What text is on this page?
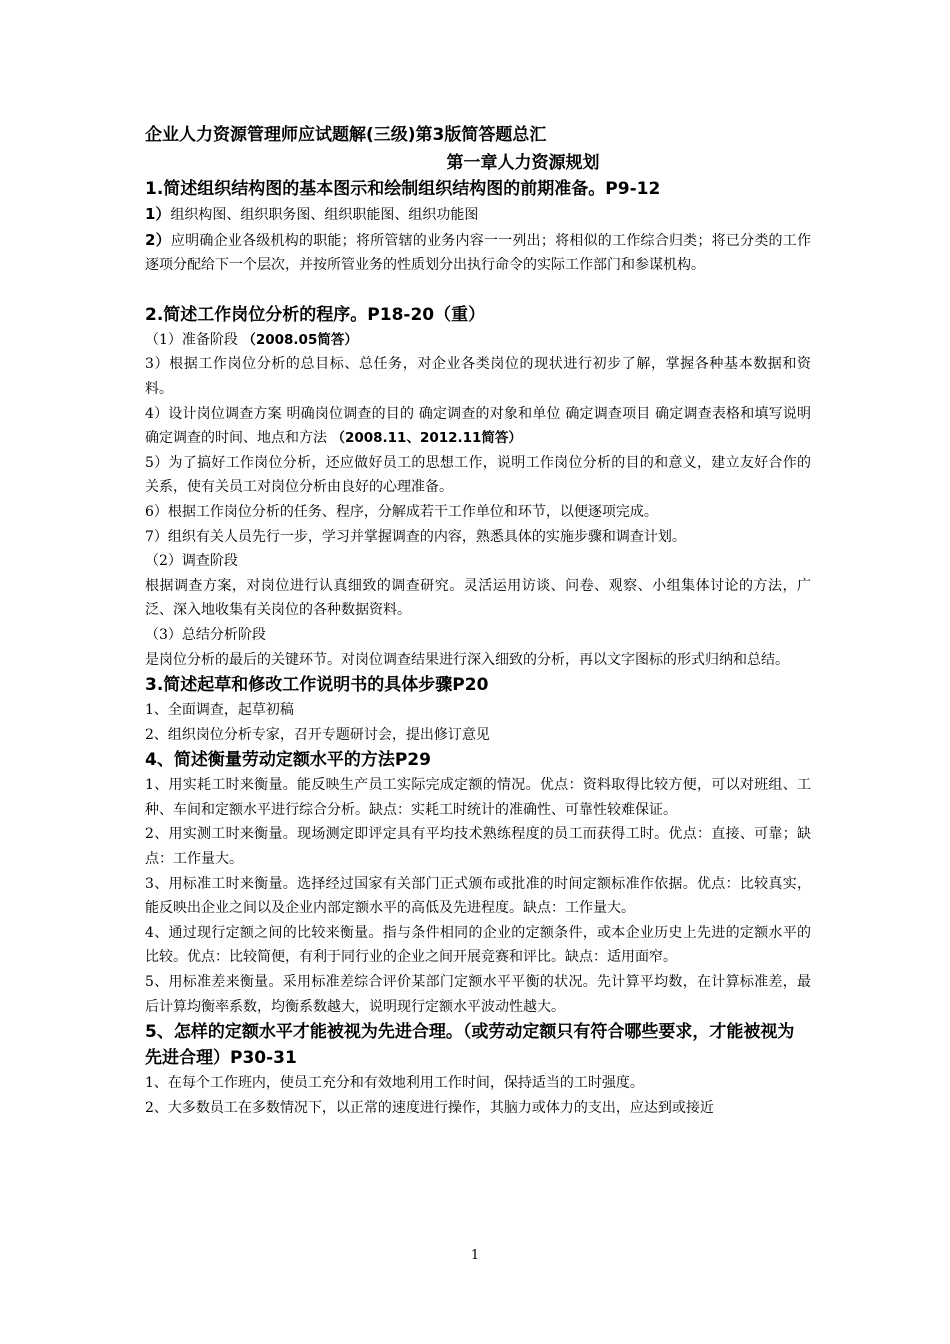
企业人力资源管理师应试题解(三级)第3版简答题总汇
第一章人力资源规划
1.简述组织结构图的基本图示和绘制组织结构图的前期准备。P9-12

1）组织构图、组织职务图、组织职能图、组织功能图

2）应明确企业各级机构的职能；将所管辖的业务内容一一列出；将相似的工作综合归类；将已分类的工作逐项分配给下一个层次，并按所管业务的性质划分出执行命令的实际工作部门和参谋机构。

2.简述工作岗位分析的程序。P18-20（重）

（1）准备阶段 （2008.05简答）

3）根据工作岗位分析的总目标、总任务，对企业各类岗位的现状进行初步了解，掌握各种基本数据和资料。

4）设计岗位调查方案 明确岗位调查的目的 确定调查的对象和单位 确定调查项目 确定调查表格和填写说明 确定调查的时间、地点和方法 （2008.11、2012.11简答）

5）为了搞好工作岗位分析，还应做好员工的思想工作，说明工作岗位分析的目的和意义，建立友好合作的关系，使有关员工对岗位分析由良好的心理准备。

6）根据工作岗位分析的任务、程序，分解成若干工作单位和环节，以便逐项完成。

7）组织有关人员先行一步，学习并掌握调查的内容，熟悉具体的实施步骤和调查计划。

（2）调查阶段

根据调查方案，对岗位进行认真细致的调查研究。灵活运用访谈、问卷、观察、小组集体讨论的方法，广泛、深入地收集有关岗位的各种数据资料。

（3）总结分析阶段

是岗位分析的最后的关键环节。对岗位调查结果进行深入细致的分析，再以文字图标的形式归纳和总结。

3.简述起草和修改工作说明书的具体步骤P20

1、全面调查，起草初稿

2、组织岗位分析专家，召开专题研讨会，提出修订意见

4、简述衡量劳动定额水平的方法P29

1、用实耗工时来衡量。能反映生产员工实际完成定额的情况。优点：资料取得比较方便，可以对班组、工种、车间和定额水平进行综合分析。缺点：实耗工时统计的准确性、可靠性较难保证。

2、用实测工时来衡量。现场测定即评定具有平均技术熟练程度的员工而获得工时。优点：直接、可靠；缺点：工作量大。

3、用标准工时来衡量。选择经过国家有关部门正式颁布或批准的时间定额标准作依据。优点：比较真实，能反映出企业之间以及企业内部定额水平的高低及先进程度。缺点：工作量大。

4、通过现行定额之间的比较来衡量。指与条件相同的企业的定额条件，或本企业历史上先进的定额水平的比较。优点：比较简便，有利于同行业的企业之间开展竞赛和评比。缺点：适用面窄。

5、用标准差来衡量。采用标准差综合评价某部门定额水平平衡的状况。先计算平均数，在计算标准差，最后计算均衡率系数，均衡系数越大，说明现行定额水平波动性越大。

5、怎样的定额水平才能被视为先进合理。（或劳动定额只有符合哪些要求，才能被视为先进合理）P30-31

1、在每个工作班内，使员工充分和有效地利用工作时间，保持适当的工时强度。

2、大多数员工在多数情况下，以正常的速度进行操作，其脑力或体力的支出，应达到或接近

1
